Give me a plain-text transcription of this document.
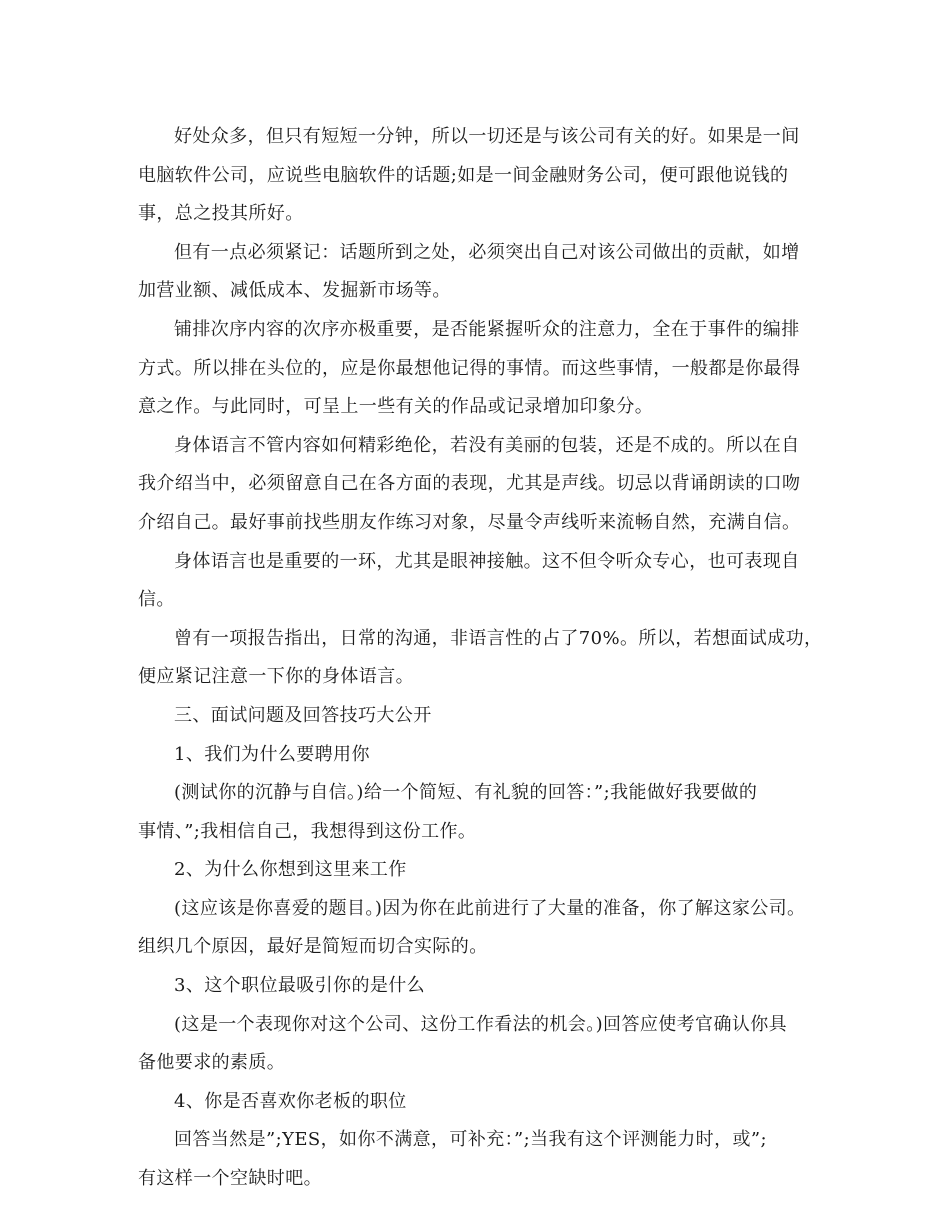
好处众多，但只有短短一分钟，所以一切还是与该公司有关的好。如果是一间
电脑软件公司，应说些电脑软件的话题;如是一间金融财务公司，便可跟他说钱的
事，总之投其所好。
但有一点必须紧记：话题所到之处，必须突出自己对该公司做出的贡献，如增
加营业额、减低成本、发掘新市场等。
铺排次序内容的次序亦极重要，是否能紧握听众的注意力，全在于事件的编排
方式。所以排在头位的，应是你最想他记得的事情。而这些事情，一般都是你最得
意之作。与此同时，可呈上一些有关的作品或记录增加印象分。
身体语言不管内容如何精彩绝伦，若没有美丽的包装，还是不成的。所以在自
我介绍当中，必须留意自己在各方面的表现，尤其是声线。切忌以背诵朗读的口吻
介绍自己。最好事前找些朋友作练习对象，尽量令声线听来流畅自然，充满自信。
身体语言也是重要的一环，尤其是眼神接触。这不但令听众专心，也可表现自
信。
曾有一项报告指出，日常的沟通，非语言性的占了70%。所以，若想面试成功，
便应紧记注意一下你的身体语言。
三、面试问题及回答技巧大公开
1、我们为什么要聘用你
(测试你的沉静与自信。)给一个简短、有礼貌的回答：”;我能做好我要做的
事情、”;我相信自己，我想得到这份工作。
2、为什么你想到这里来工作
(这应该是你喜爱的题目。)因为你在此前进行了大量的准备，你了解这家公司。
组织几个原因，最好是简短而切合实际的。
3、这个职位最吸引你的是什么
(这是一个表现你对这个公司、这份工作看法的机会。)回答应使考官确认你具
备他要求的素质。
4、你是否喜欢你老板的职位
回答当然是”;YES，如你不满意，可补充：”;当我有这个评测能力时，或”;
有这样一个空缺时吧。
